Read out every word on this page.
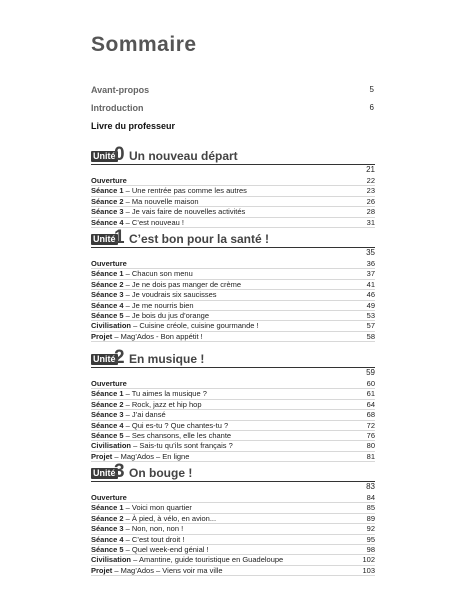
Sommaire
Avant-propos	5
Introduction	6
Livre du professeur
Unité
0 Un nouveau départ
21
Ouverture	22
Séance 1 – Une rentrée pas comme les autres	23
Séance 2 – Ma nouvelle maison	26
Séance 3 – Je vais faire de nouvelles activités	28
Séance 4 – C’est nouveau !	31
Unité
1 C’est bon pour la santé !
35
Ouverture	36
Séance 1 – Chacun son menu	37
Séance 2 – Je ne dois pas manger de crème	41
Séance 3 – Je voudrais six saucisses	46
Séance 4 – Je me nourris bien	49
Séance 5 – Je bois du jus d’orange	53
Civilisation – Cuisine créole, cuisine gourmande !	57
Projet – Mag’Ados - Bon appétit !	58
Unité
2 En musique !
59
Ouverture	60
Séance 1 – Tu aimes la musique ?	61
Séance 2 – Rock, jazz et hip hop	64
Séance 3 – J’ai dansé	68
Séance 4 – Qui es-tu ? Que chantes-tu ?	72
Séance 5 – Ses chansons, elle les chante	76
Civilisation – Sais-tu qu’ils sont français ?	80
Projet – Mag’Ados – En ligne	81
Unité
3 On bouge !
83
Ouverture	84
Séance 1 – Voici mon quartier	85
Séance 2 – À pied, à vélo, en avion...	89
Séance 3 – Non, non, non !	92
Séance 4 – C’est tout droit !	95
Séance 5 – Quel week-end génial !	98
Civilisation – Amantine, guide touristique en Guadeloupe	102
Projet – Mag’Ados – Viens voir ma ville	103
